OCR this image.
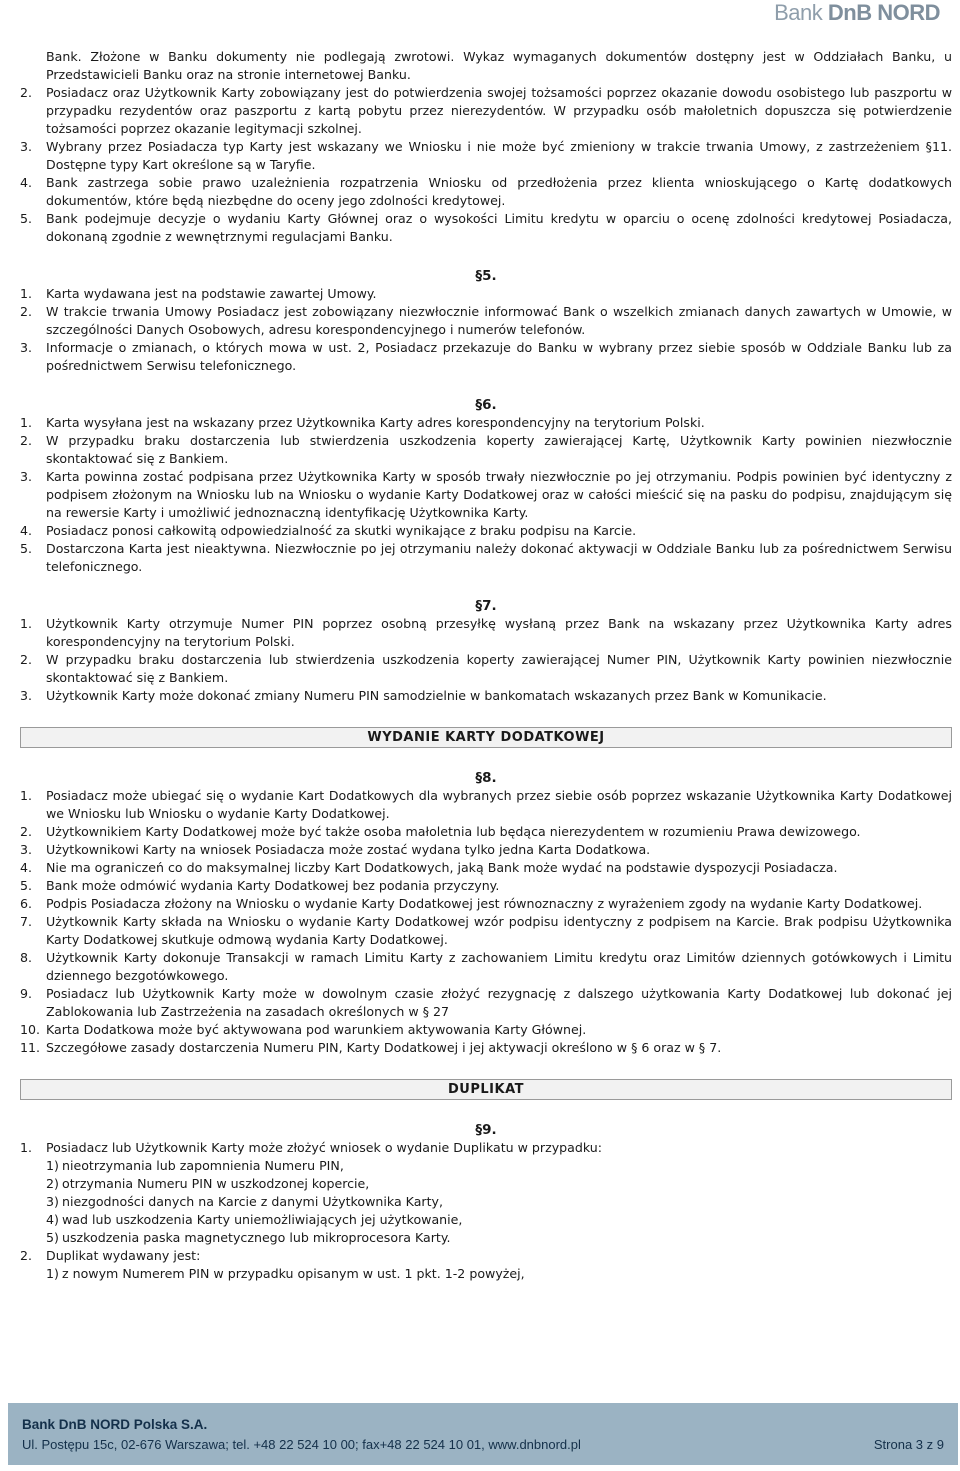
Bank DnB NORD
Bank. Złożone w Banku dokumenty nie podlegają zwrotowi. Wykaz wymaganych dokumentów dostępny jest w Oddziałach Banku, u Przedstawicieli Banku oraz na stronie internetowej Banku.
2. Posiadacz oraz Użytkownik Karty zobowiązany jest do potwierdzenia swojej tożsamości poprzez okazanie dowodu osobistego lub paszportu w przypadku rezydentów oraz paszportu z kartą pobytu przez nierezydentów. W przypadku osób małoletnich dopuszcza się potwierdzenie tożsamości poprzez okazanie legitymacji szkolnej.
3. Wybrany przez Posiadacza typ Karty jest wskazany we Wniosku i nie może być zmieniony w trakcie trwania Umowy, z zastrzeżeniem §11. Dostępne typy Kart określone są w Taryfie.
4. Bank zastrzega sobie prawo uzależnienia rozpatrzenia Wniosku od przedłożenia przez klienta wnioskującego o Kartę dodatkowych dokumentów, które będą niezbędne do oceny jego zdolności kredytowej.
5. Bank podejmuje decyzje o wydaniu Karty Głównej oraz o wysokości Limitu kredytu w oparciu o ocenę zdolności kredytowej Posiadacza, dokonaną zgodnie z wewnętrznymi regulacjami Banku.
§5.
1. Karta wydawana jest na podstawie zawartej Umowy.
2. W trakcie trwania Umowy Posiadacz jest zobowiązany niezwłocznie informować Bank o wszelkich zmianach danych zawartych w Umowie, w szczególności Danych Osobowych, adresu korespondencyjnego i numerów telefonów.
3. Informacje o zmianach, o których mowa w ust. 2, Posiadacz przekazuje do Banku w wybrany przez siebie sposób w Oddziale Banku lub za pośrednictwem Serwisu telefonicznego.
§6.
1. Karta wysyłana jest na wskazany przez Użytkownika Karty adres korespondencyjny na terytorium Polski.
2. W przypadku braku dostarczenia lub stwierdzenia uszkodzenia koperty zawierającej Kartę, Użytkownik Karty powinien niezwłocznie skontaktować się z Bankiem.
3. Karta powinna zostać podpisana przez Użytkownika Karty w sposób trwały niezwłocznie po jej otrzymaniu. Podpis powinien być identyczny z podpisem złożonym na Wniosku lub na Wniosku o wydanie Karty Dodatkowej oraz w całości mieścić się na pasku do podpisu, znajdującym się na rewersie Karty i umożliwić jednoznaczną identyfikację Użytkownika Karty.
4. Posiadacz ponosi całkowitą odpowiedzialność za skutki wynikające z braku podpisu na Karcie.
5. Dostarczona Karta jest nieaktywna. Niezwłocznie po jej otrzymaniu należy dokonać aktywacji w Oddziale Banku lub za pośrednictwem Serwisu telefonicznego.
§7.
1. Użytkownik Karty otrzymuje Numer PIN poprzez osobną przesyłkę wysłaną przez Bank na wskazany przez Użytkownika Karty adres korespondencyjny na terytorium Polski.
2. W przypadku braku dostarczenia lub stwierdzenia uszkodzenia koperty zawierającej Numer PIN, Użytkownik Karty powinien niezwłocznie skontaktować się z Bankiem.
3. Użytkownik Karty może dokonać zmiany Numeru PIN samodzielnie w bankomatach wskazanych przez Bank w Komunikacie.
WYDANIE KARTY DODATKOWEJ
§8.
1. Posiadacz może ubiegać się o wydanie Kart Dodatkowych dla wybranych przez siebie osób poprzez wskazanie Użytkownika Karty Dodatkowej we Wniosku lub Wniosku o wydanie Karty Dodatkowej.
2. Użytkownikiem Karty Dodatkowej może być także osoba małoletnia lub będąca nierezydentem w rozumieniu Prawa dewizowego.
3. Użytkownikowi Karty na wniosek Posiadacza może zostać wydana tylko jedna Karta Dodatkowa.
4. Nie ma ograniczeń co do maksymalnej liczby Kart Dodatkowych, jaką Bank może wydać na podstawie dyspozycji Posiadacza.
5. Bank może odmówić wydania Karty Dodatkowej bez podania przyczyny.
6. Podpis Posiadacza złożony na Wniosku o wydanie Karty Dodatkowej jest równoznaczny z wyrażeniem zgody na wydanie Karty Dodatkowej.
7. Użytkownik Karty składa na Wniosku o wydanie Karty Dodatkowej wzór podpisu identyczny z podpisem na Karcie. Brak podpisu Użytkownika Karty Dodatkowej skutkuje odmową wydania Karty Dodatkowej.
8. Użytkownik Karty dokonuje Transakcji w ramach Limitu Karty z zachowaniem Limitu kredytu oraz Limitów dziennych gotówkowych i Limitu dziennego bezgotówkowego.
9. Posiadacz lub Użytkownik Karty może w dowolnym czasie złożyć rezygnację z dalszego użytkowania Karty Dodatkowej lub dokonać jej Zablokowania lub Zastrzeżenia na zasadach określonych w § 27
10. Karta Dodatkowa może być aktywowana pod warunkiem aktywowania Karty Głównej.
11. Szczegółowe zasady dostarczenia Numeru PIN, Karty Dodatkowej i jej aktywacji określono w § 6 oraz w § 7.
DUPLIKAT
§9.
1. Posiadacz lub Użytkownik Karty może złożyć wniosek o wydanie Duplikatu w przypadku:
1) nieotrzymania lub zapomnienia Numeru PIN,
2) otrzymania Numeru PIN w uszkodzonej kopercie,
3) niezgodności danych na Karcie z danymi Użytkownika Karty,
4) wad lub uszkodzenia Karty uniemożliwiających jej użytkowanie,
5) uszkodzenia paska magnetycznego lub mikroprocesora Karty.
2. Duplikat wydawany jest:
1) z nowym Numerem PIN w przypadku opisanym w ust. 1 pkt. 1-2 powyżej,
Bank DnB NORD Polska S.A.
Ul. Postępu 15c, 02-676 Warszawa; tel. +48 22 524 10 00; fax+48 22 524 10 01, www.dnbnord.pl	Strona 3 z 9
